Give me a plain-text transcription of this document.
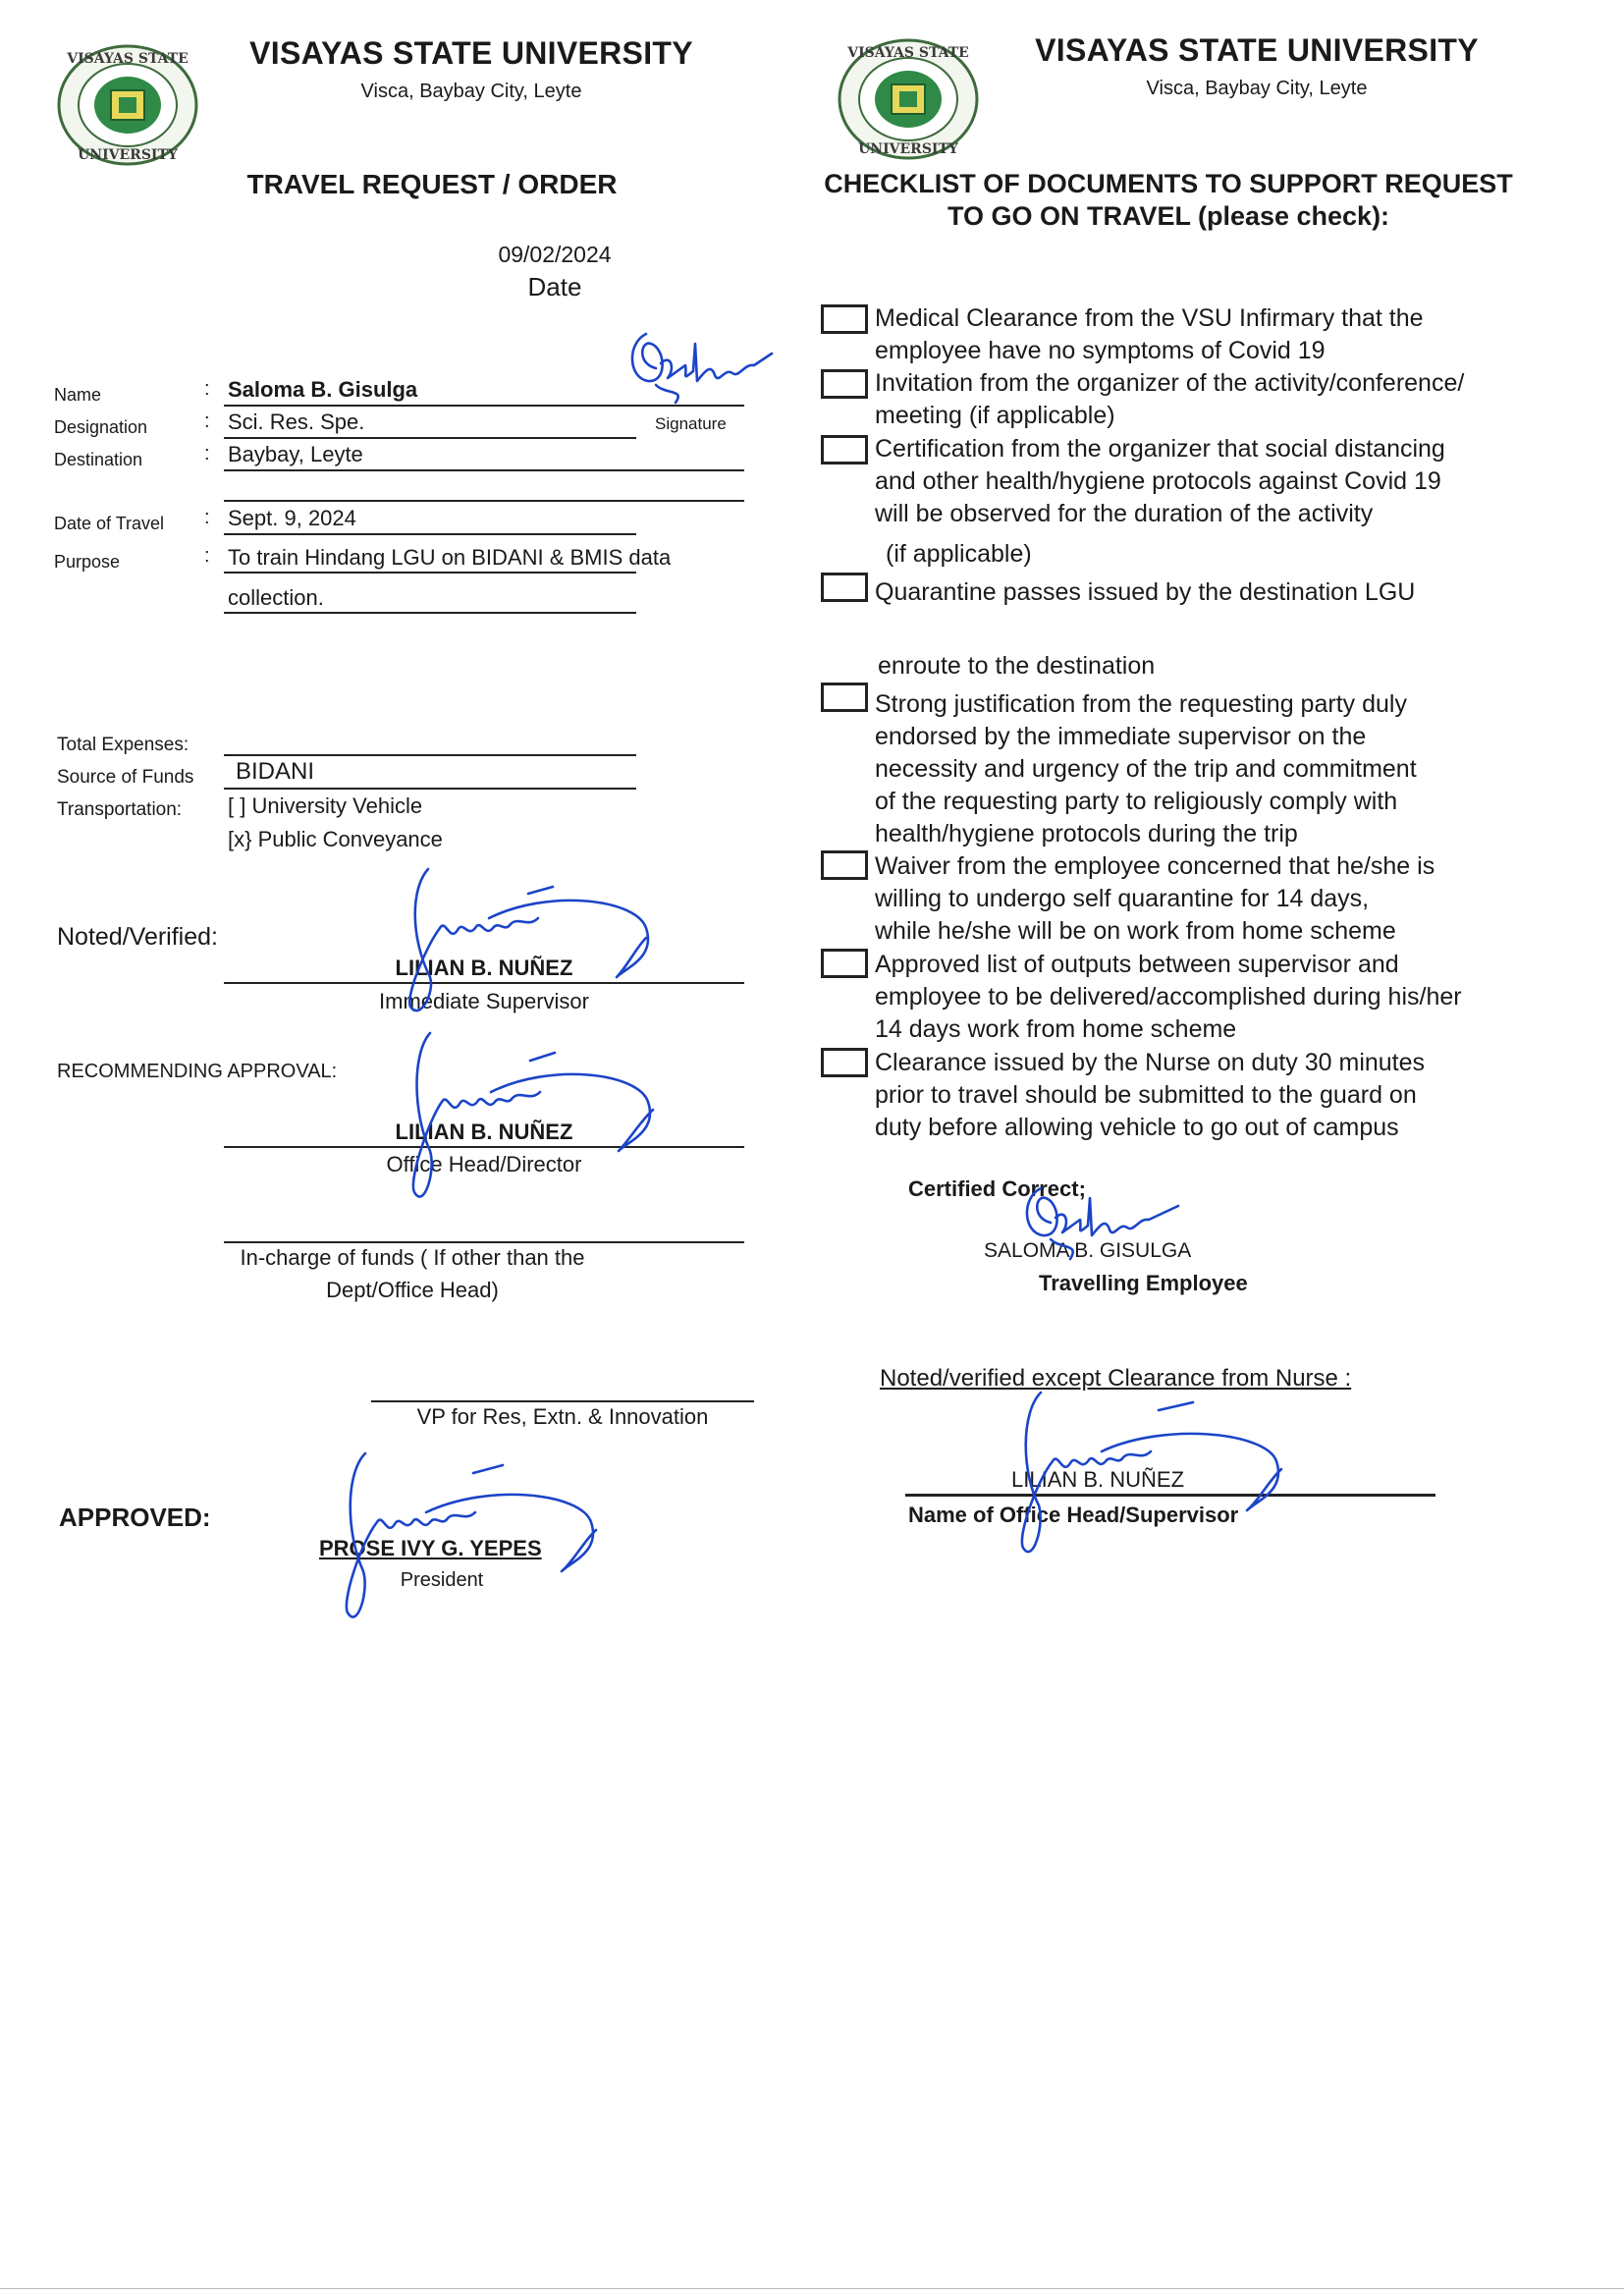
VISAYAS STATE
UNIVERSITY
VISAYAS STATE UNIVERSITY
Visca, Baybay City, Leyte
TRAVEL REQUEST / ORDER
09/02/2024
Date
Name	: Saloma B. Gisulga
Signature
Designation	: Sci. Res. Spe.
Destination	: Baybay, Leyte
Date of Travel : Sept. 9, 2024
Purpose	: To train Hindang LGU on BIDANI & BMIS data
collection.
Total Expenses:
Source of Funds BIDANI
Transportation: [ ] University Vehicle
[x} Public Conveyance
Noted/Verified:
LILIAN B. NUÑEZ
Immediate Supervisor
RECOMMENDING APPROVAL:
LILIAN B. NUÑEZ
Office Head/Director
In-charge of funds ( If other than the
Dept/Office Head)
VP for Res, Extn. & Innovation
APPROVED:
PROSE IVY G. YEPES
President
VISAYAS STATE
UNIVERSITY
VISAYAS STATE UNIVERSITY
Visca, Baybay City, Leyte
CHECKLIST OF DOCUMENTS TO SUPPORT REQUEST
TO GO ON TRAVEL (please check):
Medical Clearance from the VSU Infirmary that the
employee have no symptoms of Covid 19
Invitation from the organizer of the activity/conference/
meeting (if applicable)
Certification from the organizer that social distancing
and other health/hygiene protocols against Covid 19
will be observed for the duration of the activity
(if applicable)
Quarantine passes issued by the destination LGU
enroute to the destination
Strong justification from the requesting party duly
endorsed by the immediate supervisor on the
necessity and urgency of the trip and commitment
of the requesting party to religiously comply with
health/hygiene protocols during the trip
Waiver from the employee concerned that he/she is
willing to undergo self quarantine for 14 days,
while he/she will be on work from home scheme
Approved list of outputs between supervisor and
employee to be delivered/accomplished during his/her
14 days work from home scheme
Clearance issued by the Nurse on duty 30 minutes
prior to travel should be submitted to the guard on
duty before allowing vehicle to go out of campus
Certified Correct;
SALOMA B. GISULGA
Travelling Employee
Noted/verified except Clearance from Nurse :
LILIAN B. NUÑEZ
Name of Office Head/Supervisor
